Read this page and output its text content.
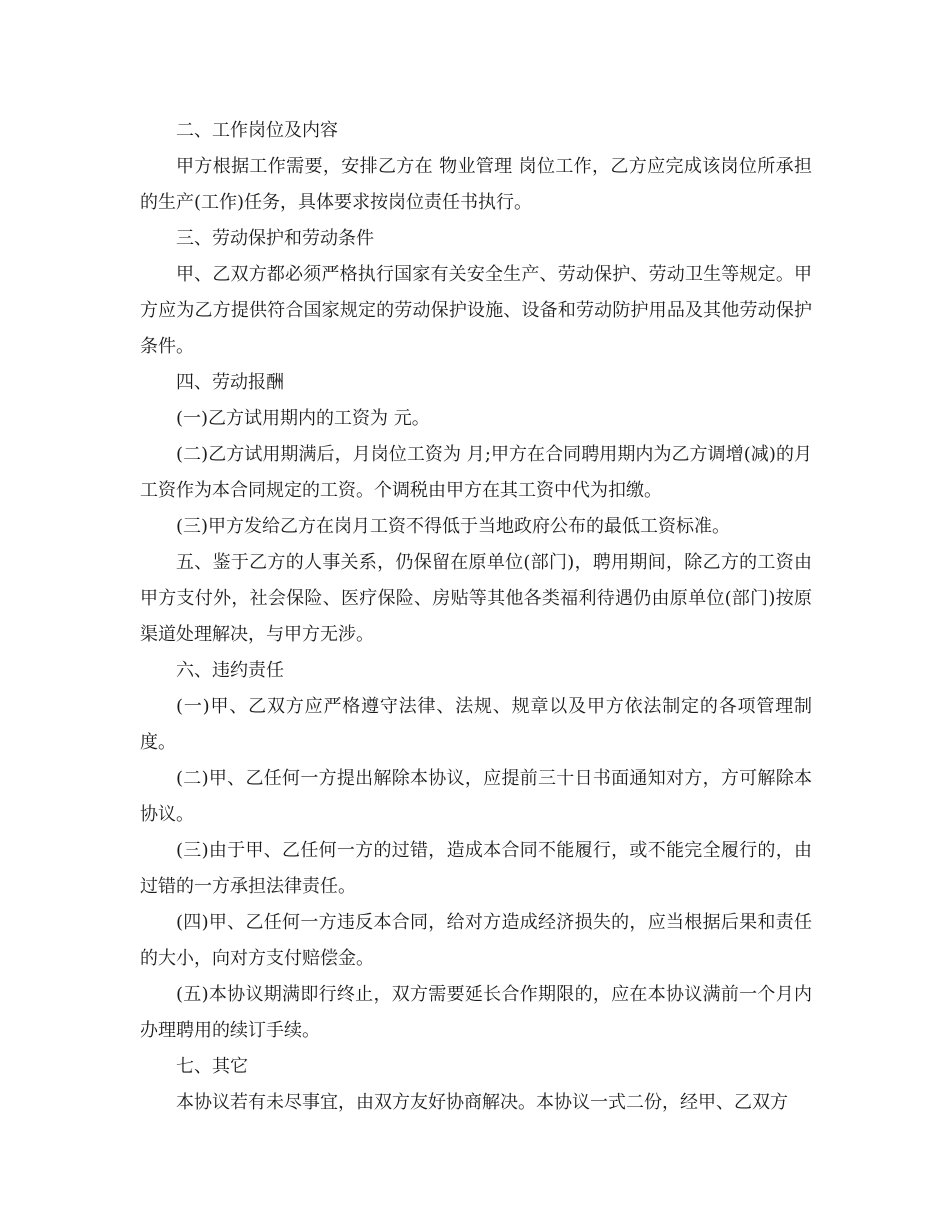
二、工作岗位及内容

甲方根据工作需要，安排乙方在 物业管理 岗位工作，乙方应完成该岗位所承担的生产(工作)任务，具体要求按岗位责任书执行。

三、劳动保护和劳动条件

甲、乙双方都必须严格执行国家有关安全生产、劳动保护、劳动卫生等规定。甲方应为乙方提供符合国家规定的劳动保护设施、设备和劳动防护用品及其他劳动保护条件。

四、劳动报酬

(一)乙方试用期内的工资为 元。

(二)乙方试用期满后，月岗位工资为 月;甲方在合同聘用期内为乙方调增(减)的月工资作为本合同规定的工资。个调税由甲方在其工资中代为扣缴。

(三)甲方发给乙方在岗月工资不得低于当地政府公布的最低工资标准。

五、鉴于乙方的人事关系，仍保留在原单位(部门)，聘用期间，除乙方的工资由甲方支付外，社会保险、医疗保险、房贴等其他各类福利待遇仍由原单位(部门)按原渠道处理解决，与甲方无涉。

六、违约责任

(一)甲、乙双方应严格遵守法律、法规、规章以及甲方依法制定的各项管理制度。

(二)甲、乙任何一方提出解除本协议，应提前三十日书面通知对方，方可解除本协议。

(三)由于甲、乙任何一方的过错，造成本合同不能履行，或不能完全履行的，由过错的一方承担法律责任。

(四)甲、乙任何一方违反本合同，给对方造成经济损失的，应当根据后果和责任的大小，向对方支付赔偿金。

(五)本协议期满即行终止，双方需要延长合作期限的，应在本协议满前一个月内办理聘用的续订手续。

七、其它

本协议若有未尽事宜，由双方友好协商解决。本协议一式二份，经甲、乙双方
